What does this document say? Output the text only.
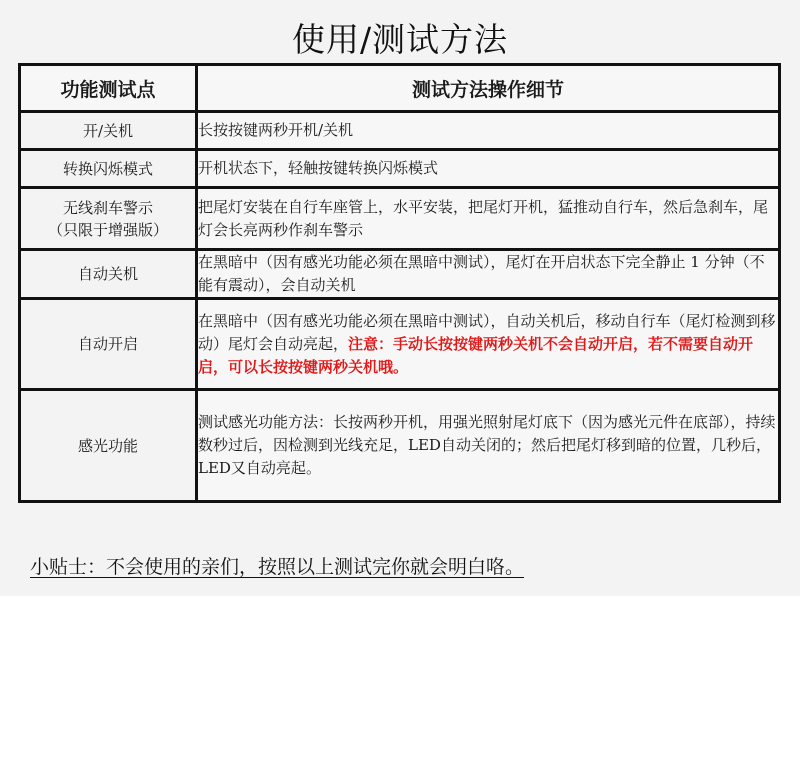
使用/测试方法
功能测试点	测试方法操作细节
开/关机	长按按键两秒开机/关机
转换闪烁模式	开机状态下，轻触按键转换闪烁模式
无线刹车警示
（只限于增强版）	把尾灯安装在自行车座管上，水平安装，把尾灯开机，猛推动自行车，然后急刹车，尾灯会长亮两秒作刹车警示
自动关机	在黑暗中（因有感光功能必须在黑暗中测试），尾灯在开启状态下完全静止 1 分钟（不能有震动），会自动关机
自动开启	在黑暗中（因有感光功能必须在黑暗中测试），自动关机后，移动自行车（尾灯检测到移动）尾灯会自动亮起，注意：手动长按按键两秒关机不会自动开启，若不需要自动开启，可以长按按键两秒关机哦。
感光功能	测试感光功能方法：长按两秒开机，用强光照射尾灯底下（因为感光元件在底部），持续数秒过后，因检测到光线充足，LED自动关闭的；然后把尾灯移到暗的位置，几秒后，LED又自动亮起。
小贴士：不会使用的亲们，按照以上测试完你就会明白咯。
